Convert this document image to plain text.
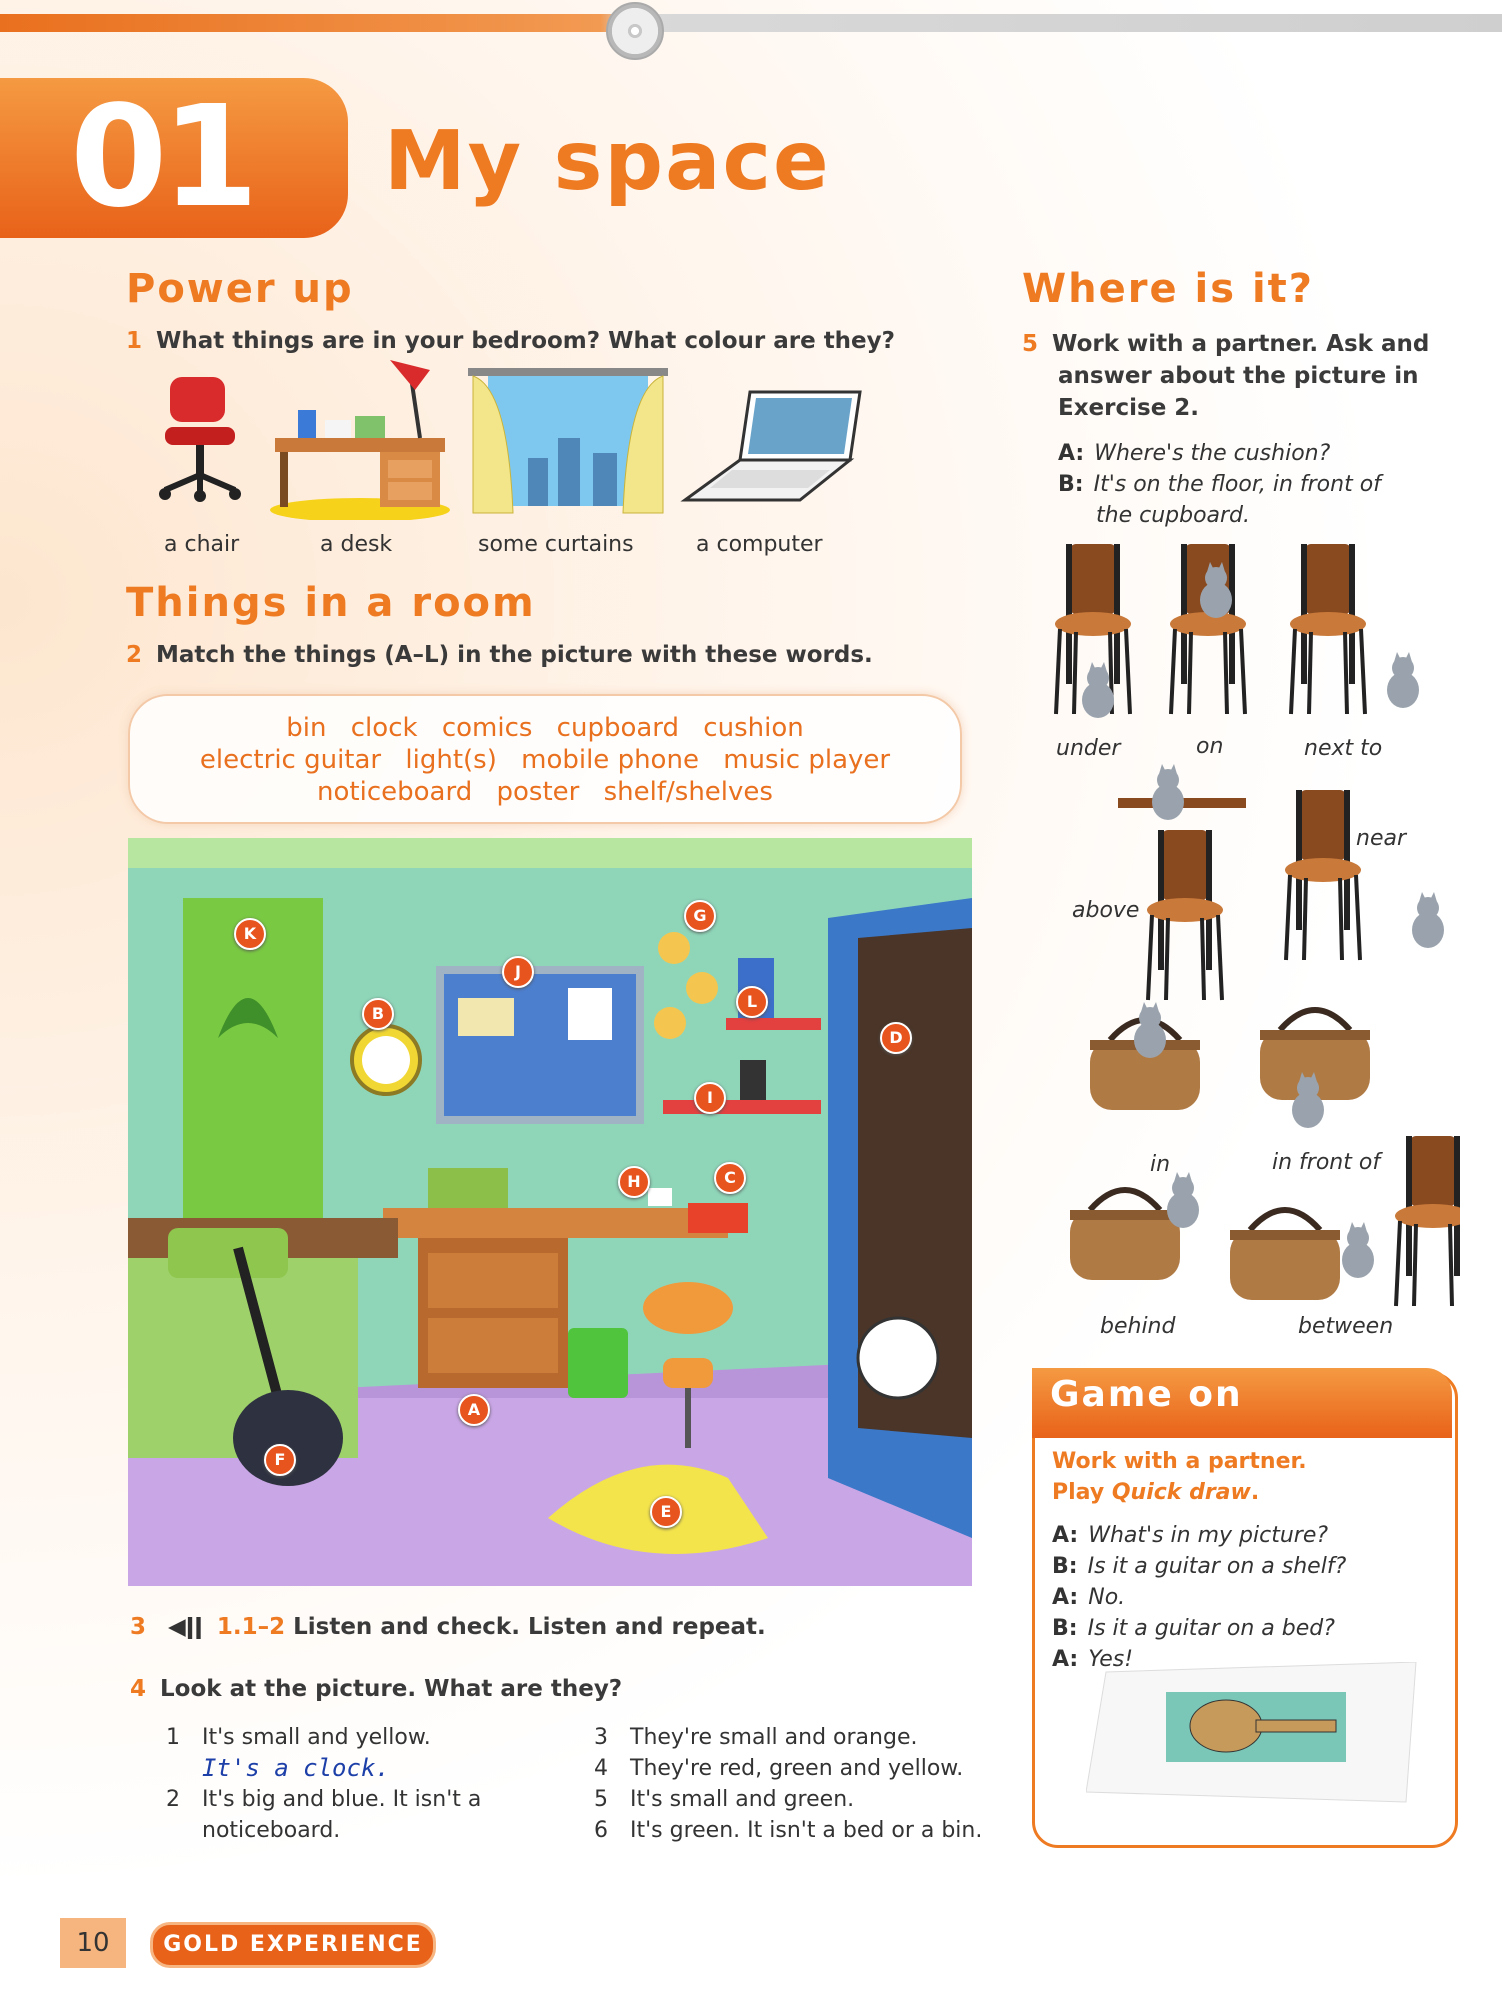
01 My space
Power up
1 What things are in your bedroom? What colour are they?
a chair	a desk	some curtains	a computer
Things in a room
2 Match the things (A–L) in the picture with these words.
bin clock comics cupboard cushion
electric guitar light(s) mobile phone music player
noticeboard poster shelf/shelves
A
B
C
D
E
F
G
H
I
J
K
L
3 ◀ǀǀ 1.1–2 Listen and check. Listen and repeat.
4 Look at the picture. What are they?
1 It's small and yellow.
It's a clock.
2 It's big and blue. It isn't a
noticeboard.
3 They're small and orange.
4 They're red, green and yellow.
5 It's small and green.
6 It's green. It isn't a bed or a bin.
Where is it?
5 Work with a partner. Ask and
answer about the picture in
Exercise 2.
A: Where's the cushion?
B: It's on the floor, in front of
the cupboard.
under	on	next to
above
near
in	in front of
behind	between
Game on
Work with a partner.
Play Quick draw.
A: What's in my picture?
B: Is it a guitar on a shelf?
A: No.
B: Is it a guitar on a bed?
A: Yes!
10	GOLD EXPERIENCE
